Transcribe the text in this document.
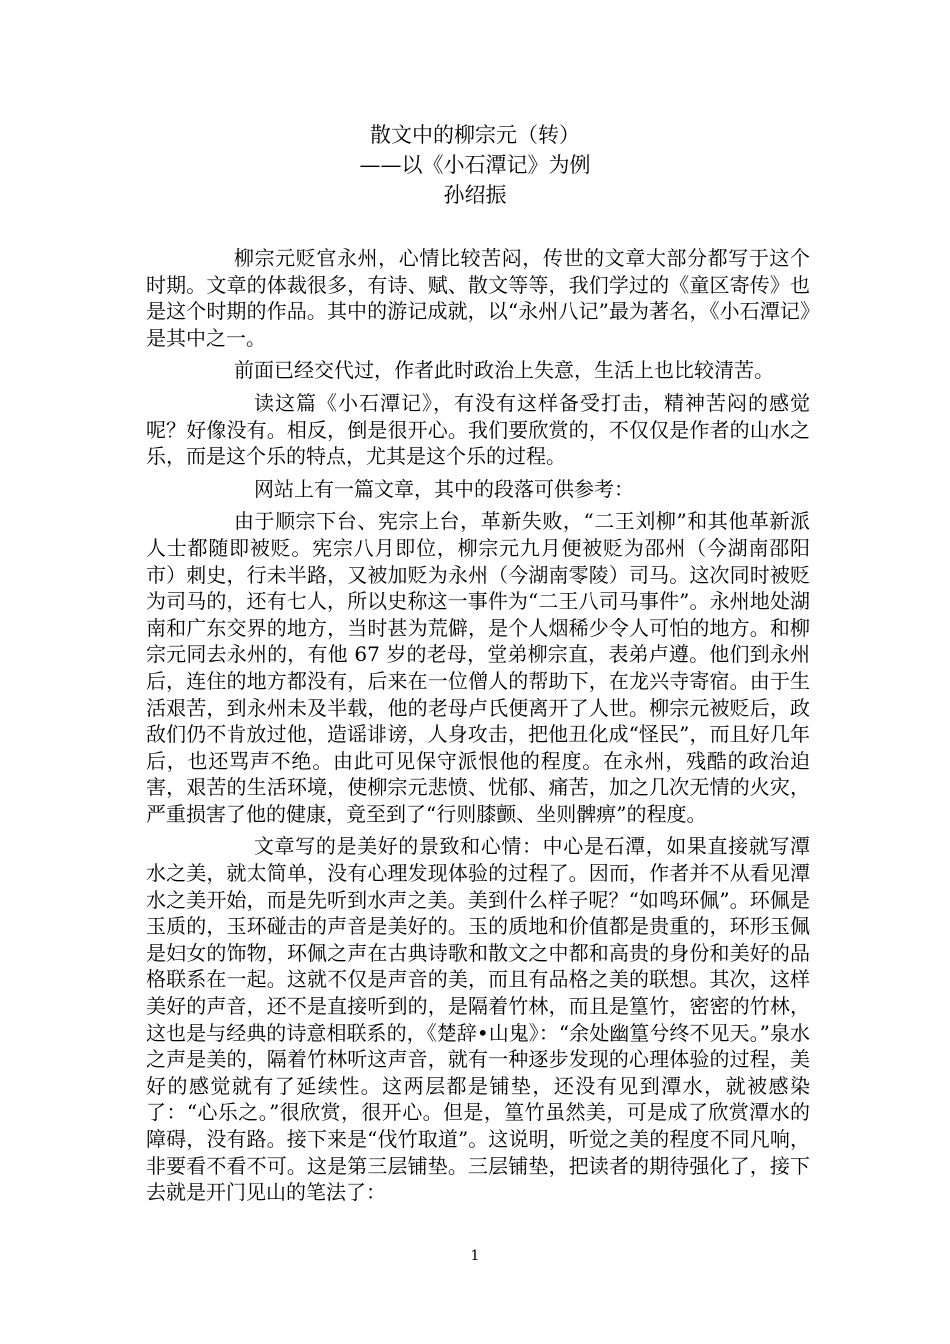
散文中的柳宗元（转）
——以《小石潭记》为例
孙绍振

柳宗元贬官永州，心情比较苦闷，传世的文章大部分都写于这个时期。文章的体裁很多，有诗、赋、散文等等，我们学过的《童区寄传》也是这个时期的作品。其中的游记成就，以“永州八记”最为著名，《小石潭记》是其中之一。

前面已经交代过，作者此时政治上失意，生活上也比较清苦。

读这篇《小石潭记》，有没有这样备受打击，精神苦闷的感觉呢？好像没有。相反，倒是很开心。我们要欣赏的，不仅仅是作者的山水之乐，而是这个乐的特点，尤其是这个乐的过程。

网站上有一篇文章，其中的段落可供参考：

由于顺宗下台、宪宗上台，革新失败，“二王刘柳”和其他革新派人士都随即被贬。宪宗八月即位，柳宗元九月便被贬为邵州（今湖南邵阳市）刺史，行未半路，又被加贬为永州（今湖南零陵）司马。这次同时被贬为司马的，还有七人，所以史称这一事件为“二王八司马事件”。永州地处湖南和广东交界的地方，当时甚为荒僻，是个人烟稀少令人可怕的地方。和柳宗元同去永州的，有他 67 岁的老母，堂弟柳宗直，表弟卢遵。他们到永州后，连住的地方都没有，后来在一位僧人的帮助下，在龙兴寺寄宿。由于生活艰苦，到永州未及半载，他的老母卢氏便离开了人世。柳宗元被贬后，政敌们仍不肯放过他，造谣诽谤，人身攻击，把他丑化成“怪民”，而且好几年后，也还骂声不绝。由此可见保守派恨他的程度。在永州，残酷的政治迫害，艰苦的生活环境，使柳宗元悲愤、忧郁、痛苦，加之几次无情的火灾，严重损害了他的健康，竟至到了“行则膝颤、坐则髀痹”的程度。

文章写的是美好的景致和心情：中心是石潭，如果直接就写潭水之美，就太简单，没有心理发现体验的过程了。因而，作者并不从看见潭水之美开始，而是先听到水声之美。美到什么样子呢？“如鸣环佩”。环佩是玉质的，玉环碰击的声音是美好的。玉的质地和价值都是贵重的，环形玉佩是妇女的饰物，环佩之声在古典诗歌和散文之中都和高贵的身份和美好的品格联系在一起。这就不仅是声音的美，而且有品格之美的联想。其次，这样美好的声音，还不是直接听到的，是隔着竹林，而且是篁竹，密密的竹林，这也是与经典的诗意相联系的，《楚辞•山鬼》：“余处幽篁兮终不见天。”泉水之声是美的，隔着竹林听这声音，就有一种逐步发现的心理体验的过程，美好的感觉就有了延续性。这两层都是铺垫，还没有见到潭水，就被感染了：“心乐之。”很欣赏，很开心。但是，篁竹虽然美，可是成了欣赏潭水的障碍，没有路。接下来是“伐竹取道”。这说明，听觉之美的程度不同凡响，非要看不看不可。这是第三层铺垫。三层铺垫，把读者的期待强化了，接下去就是开门见山的笔法了：

1
